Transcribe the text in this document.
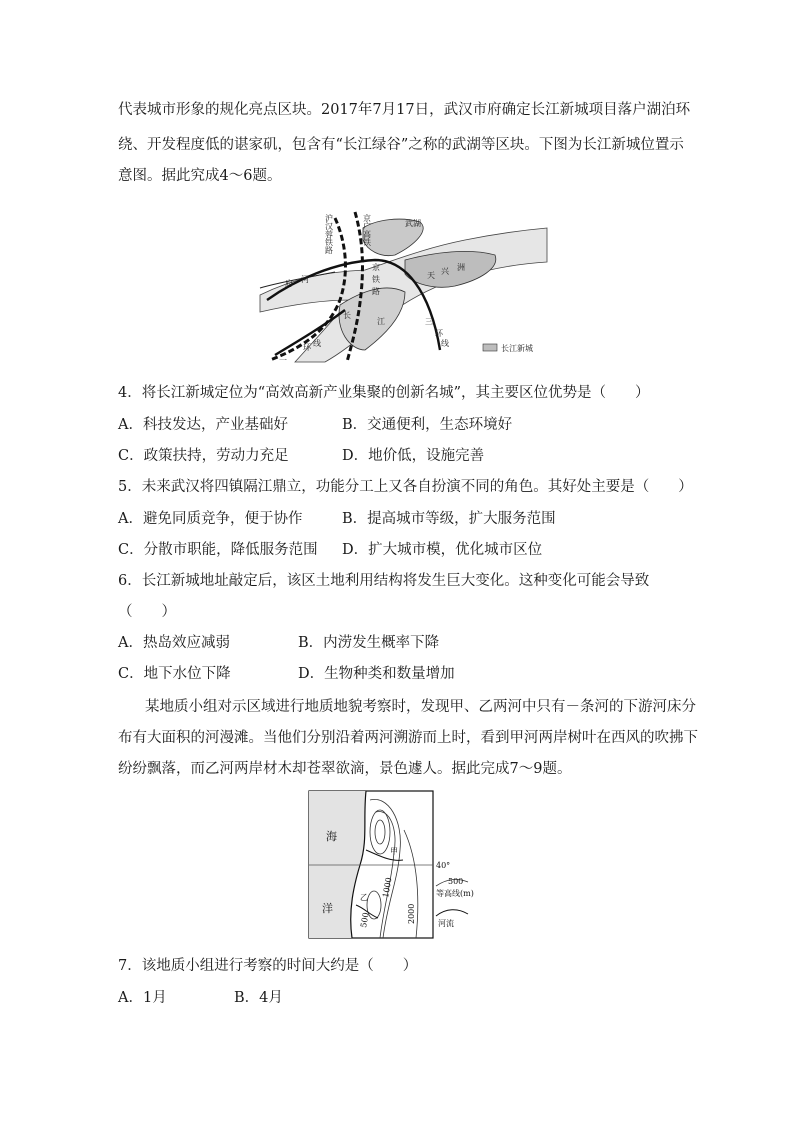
代表城市形象的规化亮点区块。2017年7月17日，武汉市府确定长江新城项目落户湖泊环
绕、开发程度低的谌家矶，包含有“长江绿谷”之称的武湖等区块。下图为长江新城位置示
意图。据此究成4～6题。
沪汉蓉铁路	京广高铁	武湖
府 河	天 兴 洲
京
铁
路
长
江	三
环
线
二
环 线
长江新城
4．将长江新城定位为“高效高新产业集聚的创新名城”，其主要区位优势是（　　）
A．科技发达，产业基础好	B．交通便利，生态环境好
C．政策扶持，劳动力充足	D．地价低，设施完善
5．未来武汉将四镇隔江鼎立，功能分工上又各自扮演不同的角色。其好处主要是（　　）
A．避免同质竞争，便于协作	B．提高城市等级，扩大服务范围
C．分散市职能，降低服务范围 D．扩大城市模，优化城市区位
6．长江新城地址敲定后，该区土地利用结构将发生巨大变化。这种变化可能会导致
（　　）
A．热岛效应减弱	B．内涝发生概率下降
C．地下水位下降	D．生物种类和数量增加
某地质小组对示区域进行地质地貌考察时，发现甲、乙两河中只有－条河的下游河床分
布有大面积的河漫滩。当他们分别沿着两河溯游而上时，看到甲河两岸树叶在西风的吹拂下
纷纷飘落，而乙河两岸材木却苍翠欲滴，景色遽人。据此完成7～9题。
海
洋
甲
乙
500
1000
2000
40°
500
等高线(m)
河流
7．该地质小组进行考察的时间大约是（　　）
A．1月	B．4月
